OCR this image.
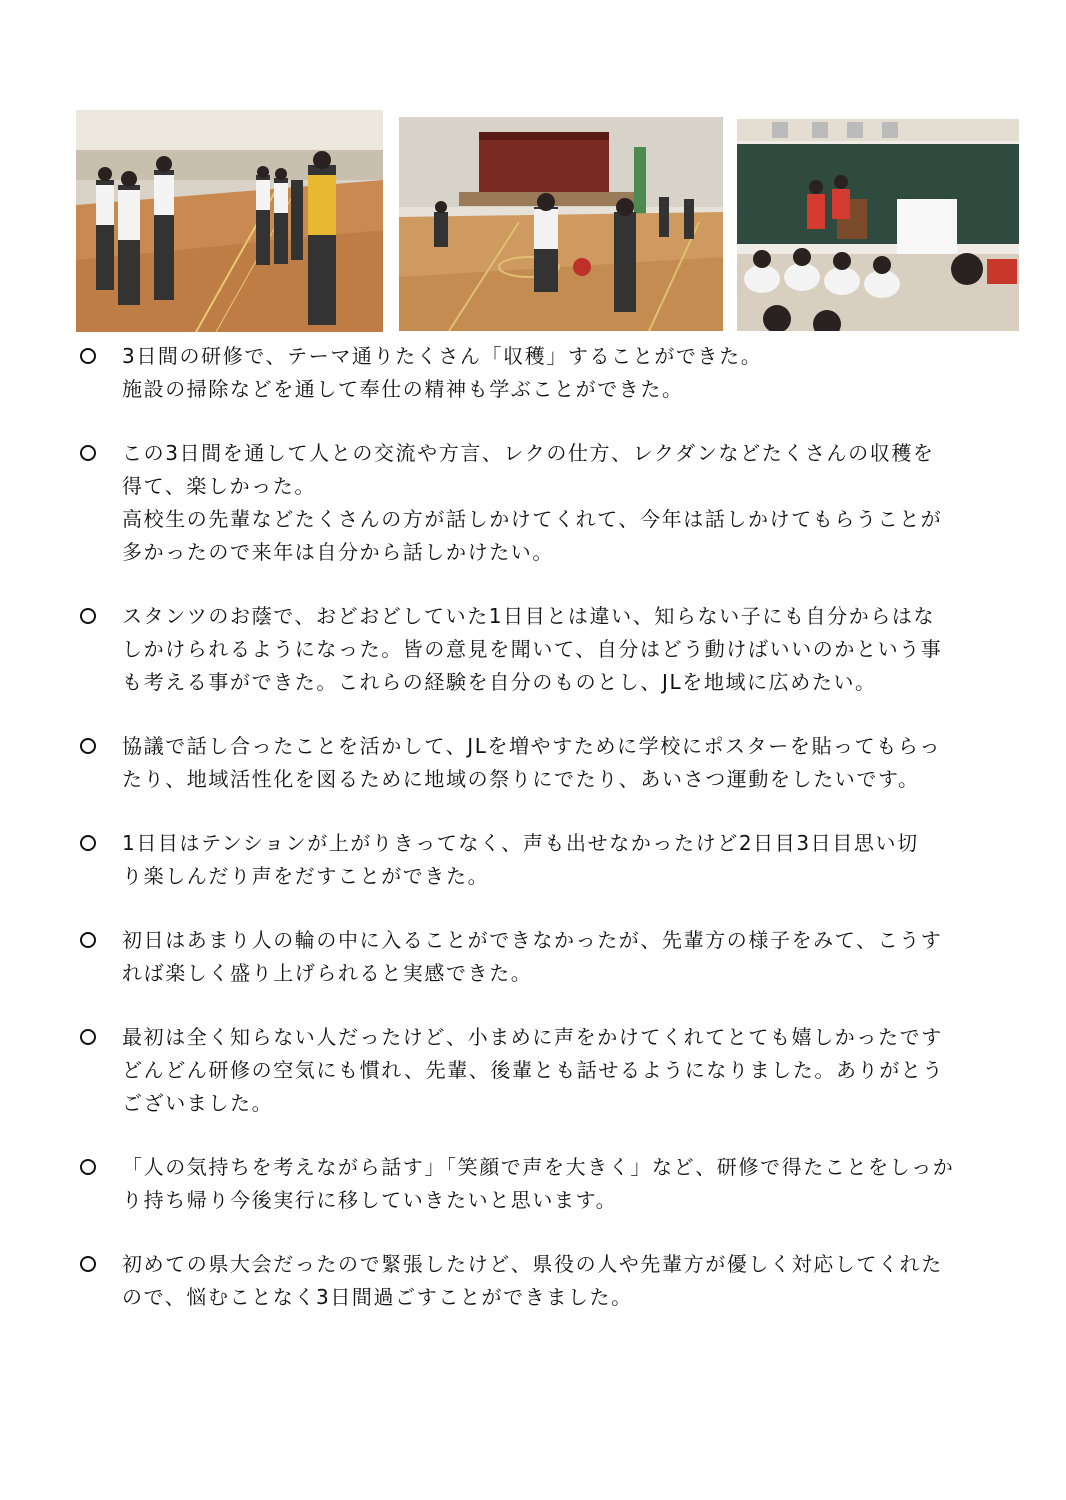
3日間の研修で、テーマ通りたくさん「収穫」することができた。
施設の掃除などを通して奉仕の精神も学ぶことができた。
この3日間を通して人との交流や方言、レクの仕方、レクダンなどたくさんの収穫を
得て、楽しかった。
高校生の先輩などたくさんの方が話しかけてくれて、今年は話しかけてもらうことが
多かったので来年は自分から話しかけたい。
スタンツのお蔭で、おどおどしていた1日目とは違い、知らない子にも自分からはな
しかけられるようになった。皆の意見を聞いて、自分はどう動けばいいのかという事
も考える事ができた。これらの経験を自分のものとし、JLを地域に広めたい。
協議で話し合ったことを活かして、JLを増やすために学校にポスターを貼ってもらっ
たり、地域活性化を図るために地域の祭りにでたり、あいさつ運動をしたいです。
1日目はテンションが上がりきってなく、声も出せなかったけど2日目3日目思い切
り楽しんだり声をだすことができた。
初日はあまり人の輪の中に入ることができなかったが、先輩方の様子をみて、こうす
れば楽しく盛り上げられると実感できた。
最初は全く知らない人だったけど、小まめに声をかけてくれてとても嬉しかったです
どんどん研修の空気にも慣れ、先輩、後輩とも話せるようになりました。ありがとう
ございました。
「人の気持ちを考えながら話す」「笑顔で声を大きく」など、研修で得たことをしっか
り持ち帰り今後実行に移していきたいと思います。
初めての県大会だったので緊張したけど、県役の人や先輩方が優しく対応してくれた
ので、悩むことなく3日間過ごすことができました。
